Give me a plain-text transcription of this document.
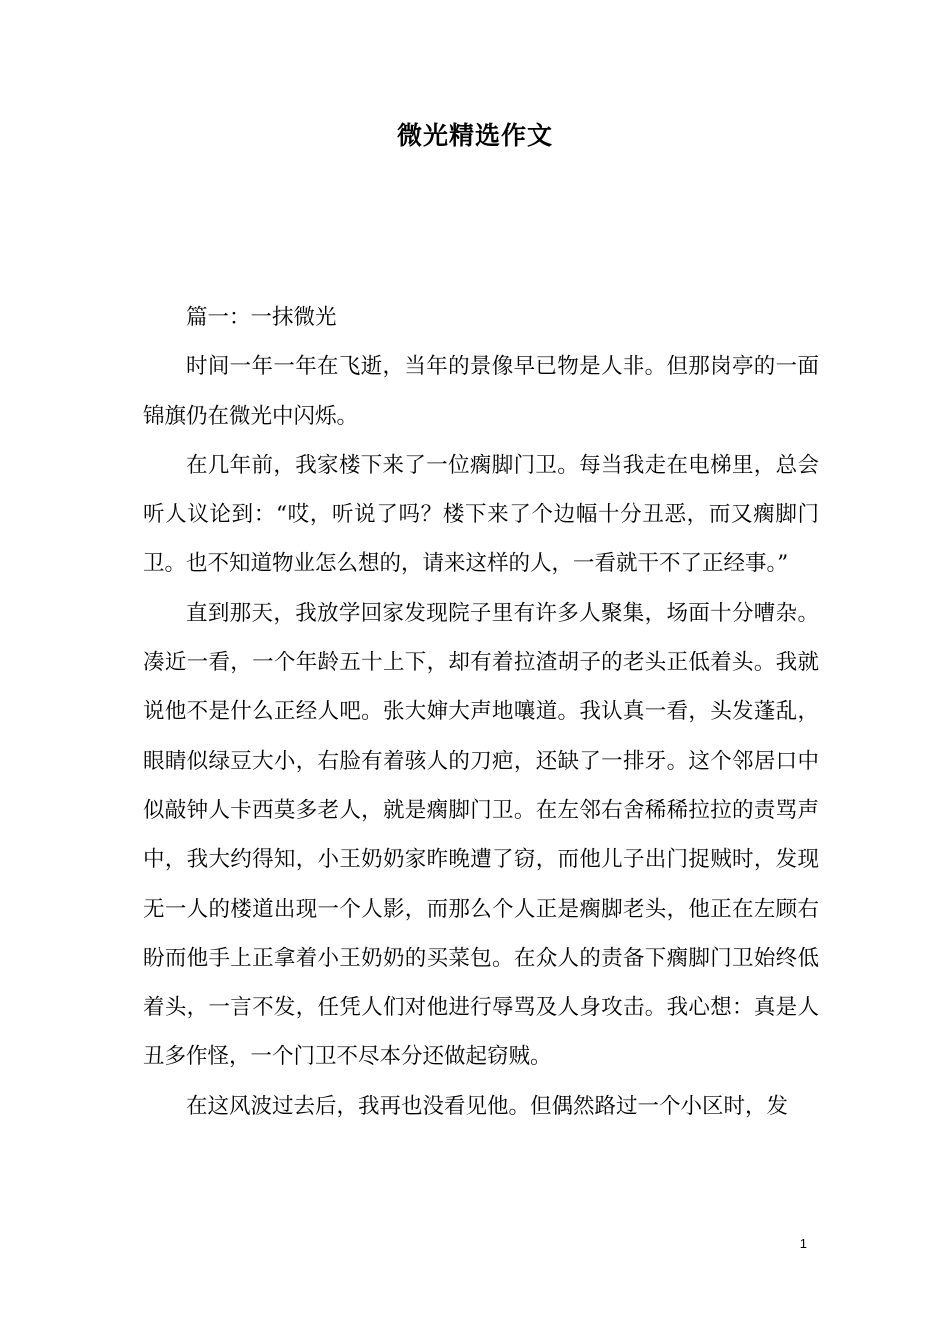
微光精选作文

篇一：一抹微光

时间一年一年在飞逝，当年的景像早已物是人非。但那岗亭的一面锦旗仍在微光中闪烁。

在几年前，我家楼下来了一位瘸脚门卫。每当我走在电梯里，总会听人议论到：“哎，听说了吗？楼下来了个边幅十分丑恶，而又瘸脚门卫。也不知道物业怎么想的，请来这样的人，一看就干不了正经事。”

直到那天，我放学回家发现院子里有许多人聚集，场面十分嘈杂。凑近一看，一个年龄五十上下，却有着拉渣胡子的老头正低着头。我就说他不是什么正经人吧。张大婶大声地嚷道。我认真一看，头发蓬乱，眼睛似绿豆大小，右脸有着骇人的刀疤，还缺了一排牙。这个邻居口中似敲钟人卡西莫多老人，就是瘸脚门卫。在左邻右舍稀稀拉拉的责骂声中，我大约得知，小王奶奶家昨晚遭了窃，而他儿子出门捉贼时，发现无一人的楼道出现一个人影，而那么个人正是瘸脚老头，他正在左顾右盼而他手上正拿着小王奶奶的买菜包。在众人的责备下瘸脚门卫始终低着头，一言不发，任凭人们对他进行辱骂及人身攻击。我心想：真是人丑多作怪，一个门卫不尽本分还做起窃贼。

在这风波过去后，我再也没看见他。但偶然路过一个小区时，发

1
